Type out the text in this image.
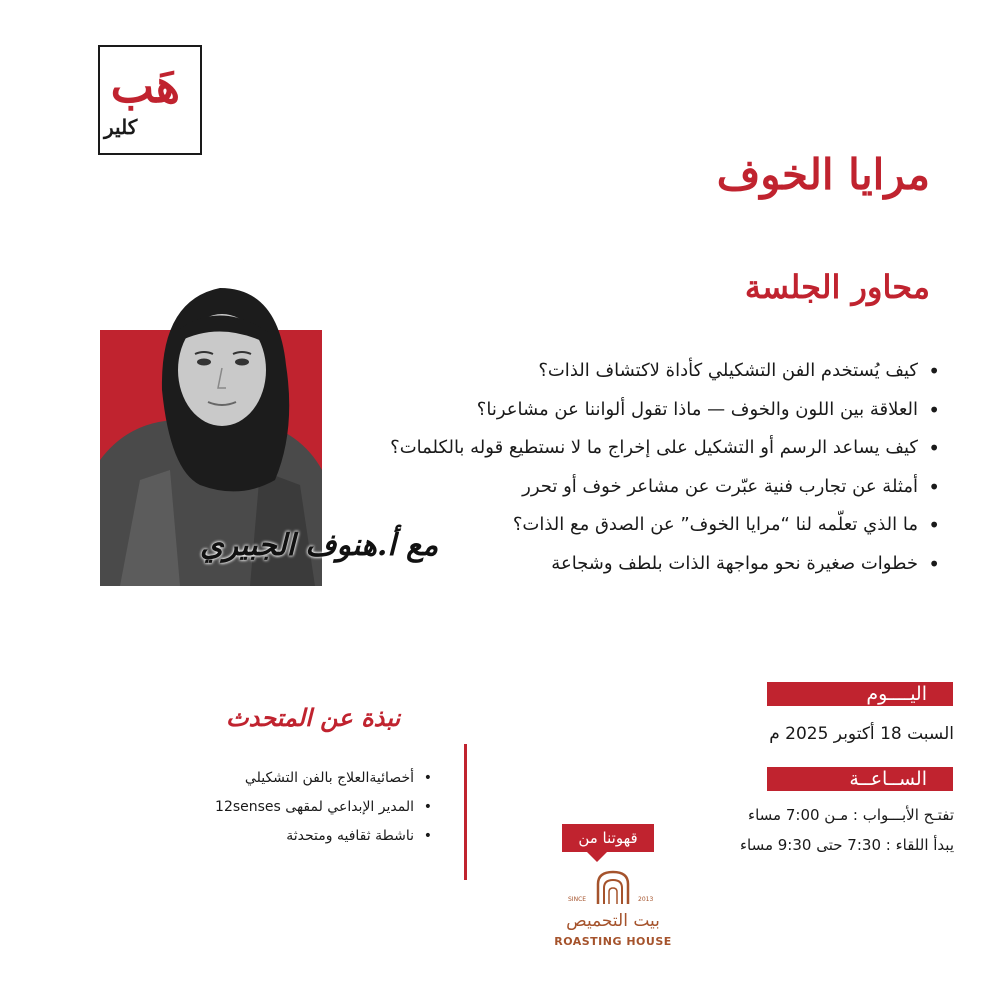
هَب
كلير
مرايا الخوف
محاور الجلسة
• كيف يُستخدم الفن التشكيلي كأداة لاكتشاف الذات؟
• العلاقة بين اللون والخوف — ماذا تقول ألواننا عن مشاعرنا؟
• كيف يساعد الرسم أو التشكيل على إخراج ما لا نستطيع قوله بالكلمات؟
• أمثلة عن تجارب فنية عبّرت عن مشاعر خوف أو تحرر
• ما الذي تعلّمه لنا “مرايا الخوف” عن الصدق مع الذات؟
• خطوات صغيرة نحو مواجهة الذات بلطف وشجاعة
مع أ.هنوف الجبيري
اليــــوم
السبت 18 أكتوبر 2025 م
الســاعــة
تفتـح الأبـــواب : مـن 7:00 مساء
يبدأ اللقاء : 7:30 حتى 9:30 مساء
نبذة عن المتحدث
• أخصائيةالعلاج بالفن التشكيلي
• المدير الإبداعي لمقهى 12senses
• ناشطة ثقافيه ومتحدثة	قهوتنا من
SINCE	2013
بيت التحميص
ROASTING HOUSE
